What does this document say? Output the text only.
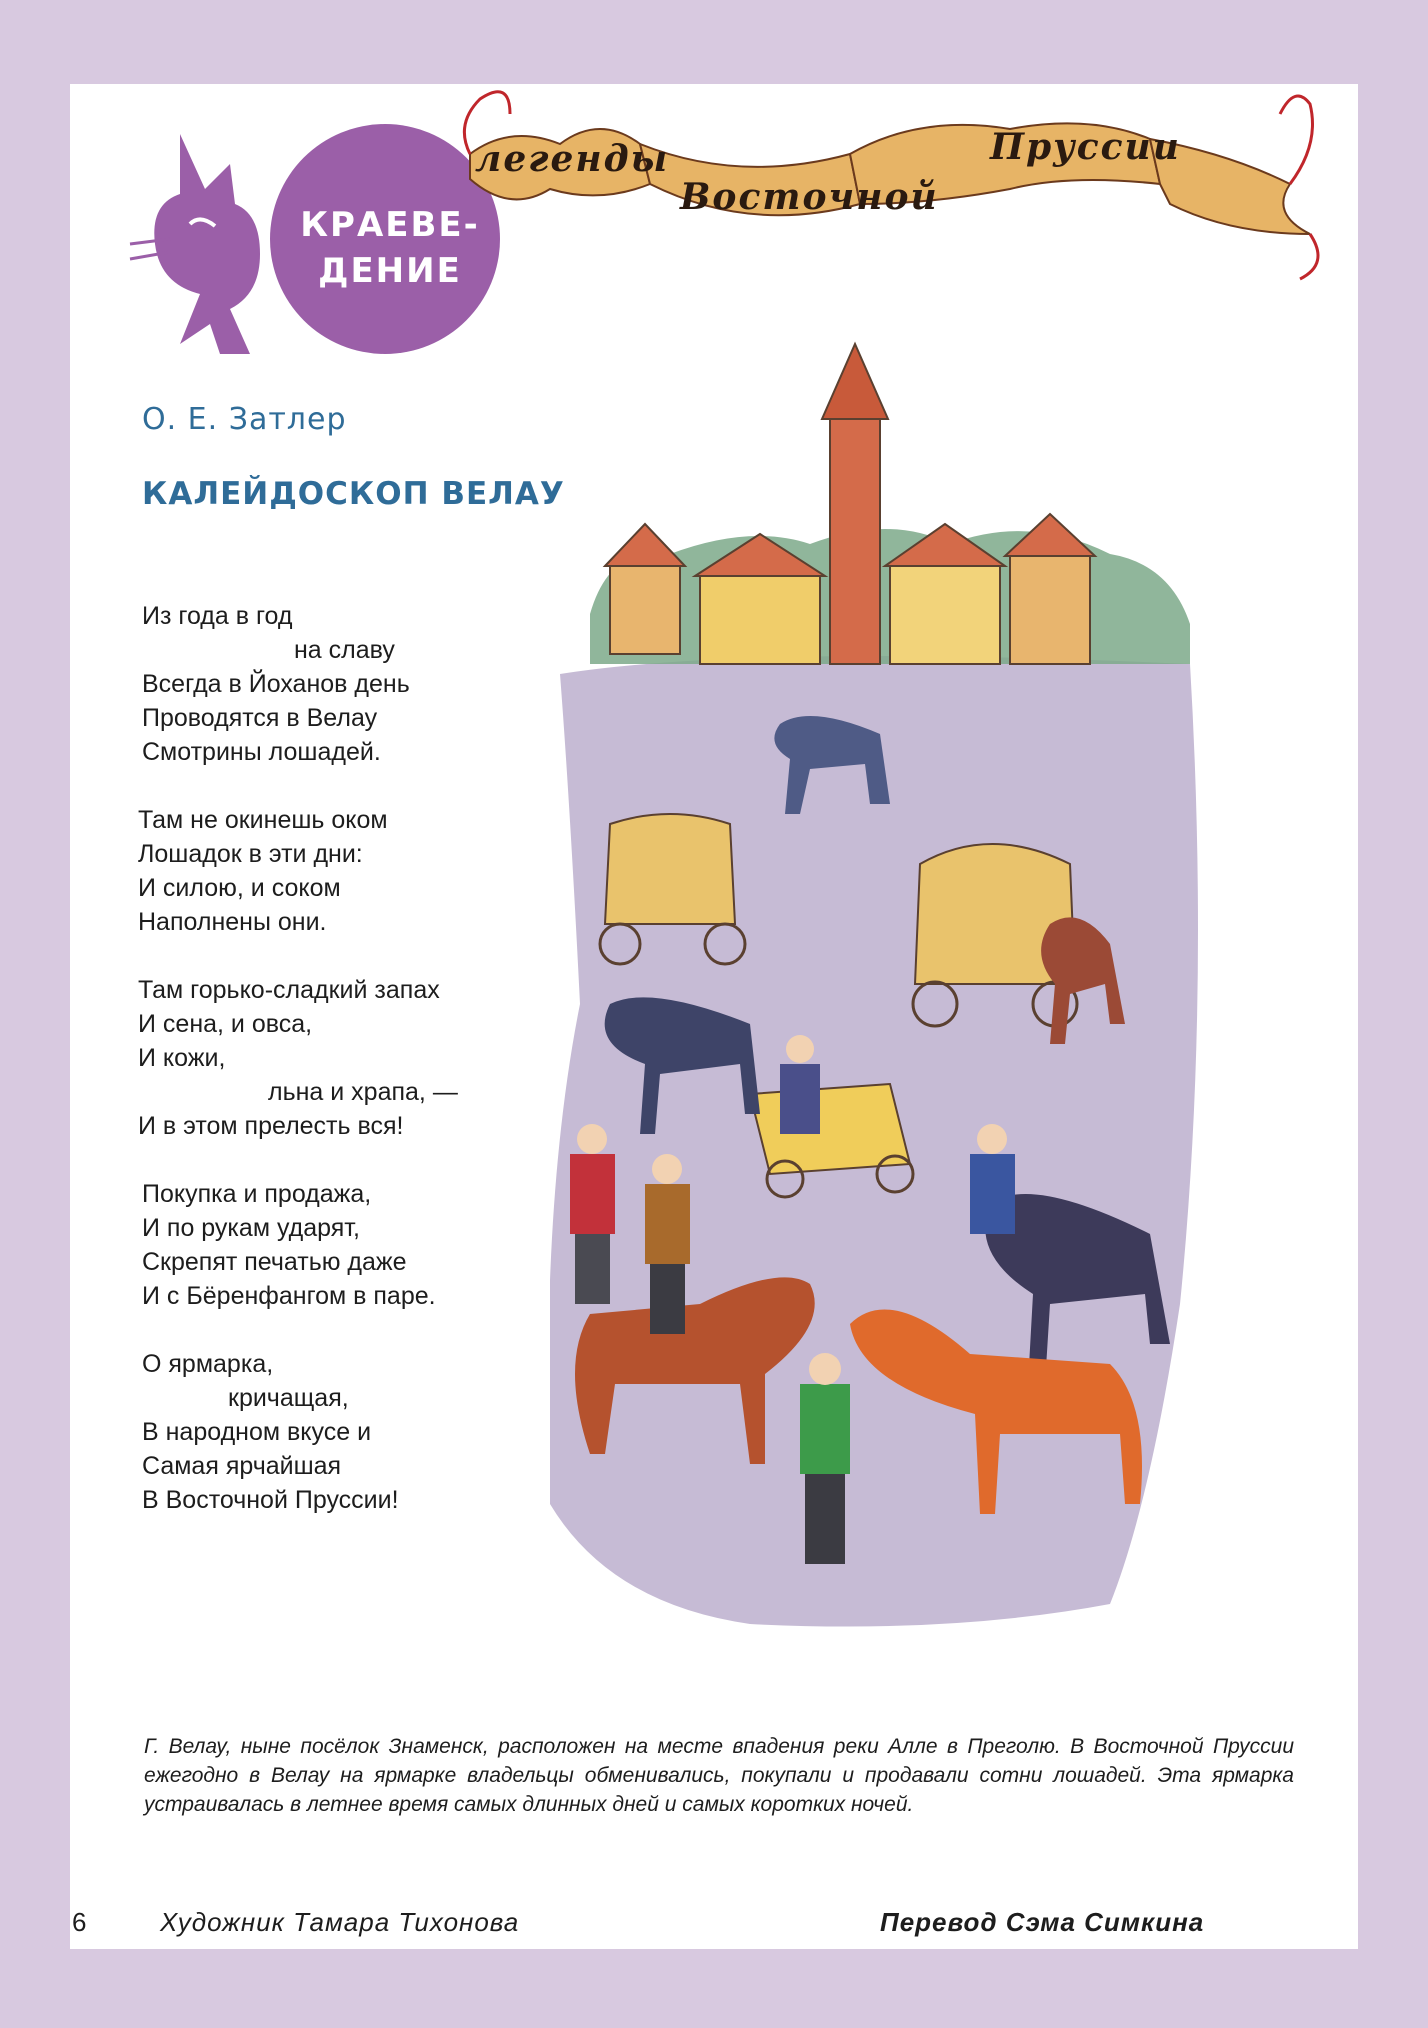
КРАЕВЕ-
ДЕНИЕ
легенды
Восточной
Пруссии
О. Е. Затлер
КАЛЕЙДОСКОП ВЕЛАУ
Из года в год
на славу
Всегда в Йоханов день
Проводятся в Велау
Смотрины лошадей.
Там не окинешь оком
Лошадок в эти дни:
И силою, и соком
Наполнены они.
Там горько-сладкий запах
И сена, и овса,
И кожи,
льна и храпа, —
И в этом прелесть вся!
Покупка и продажа,
И по рукам ударят,
Скрепят печатью даже
И с Бёренфангом в паре.
О ярмарка,
кричащая,
В народном вкусе и
Самая ярчайшая
В Восточной Пруссии!
Г. Велау, ныне посёлок Знаменск, расположен на месте впадения реки Алле в Преголю. В Восточной Пруссии ежегодно в Велау на ярмарке владельцы обменивались, покупали и продавали сотни лошадей. Эта ярмарка устраивалась в летнее время самых длинных дней и самых коротких ночей.
6	Художник Тамара Тихонова	Перевод Сэма Симкина
